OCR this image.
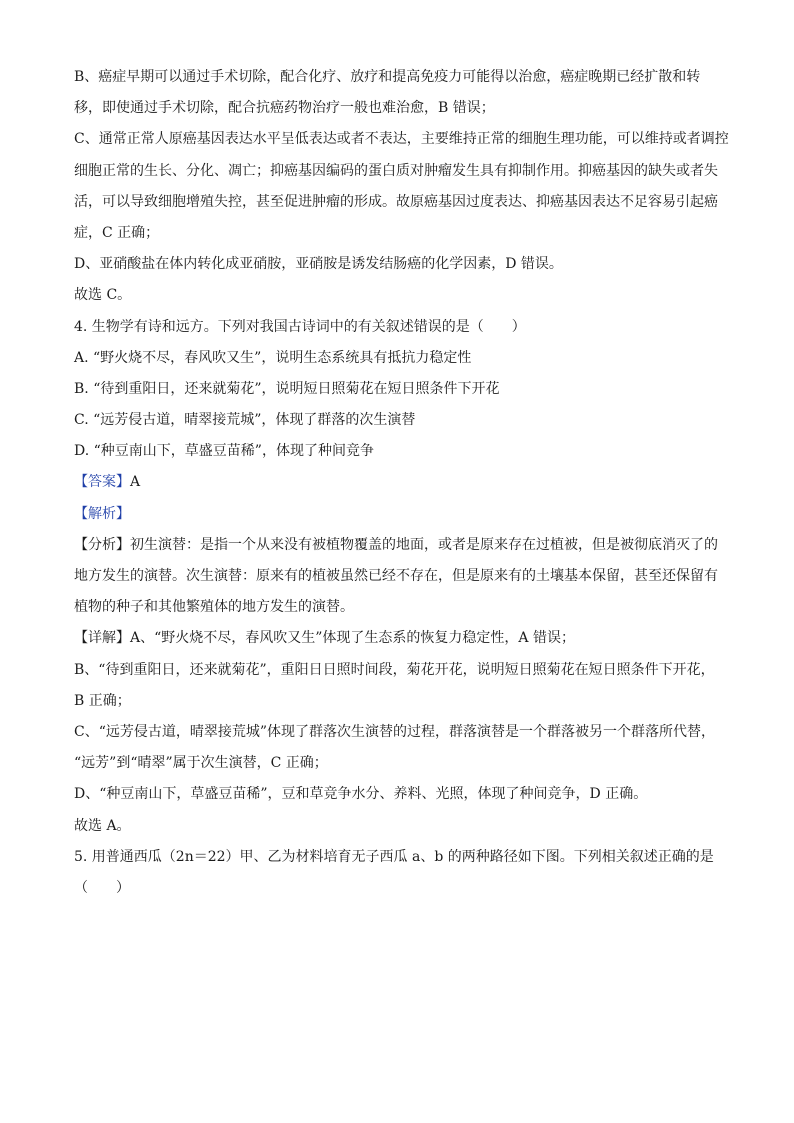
B、癌症早期可以通过手术切除，配合化疗、放疗和提高免疫力可能得以治愈，癌症晚期已经扩散和转
移，即使通过手术切除，配合抗癌药物治疗一般也难治愈，B 错误；
C、通常正常人原癌基因表达水平呈低表达或者不表达，主要维持正常的细胞生理功能，可以维持或者调控
细胞正常的生长、分化、凋亡；抑癌基因编码的蛋白质对肿瘤发生具有抑制作用。抑癌基因的缺失或者失
活，可以导致细胞增殖失控，甚至促进肿瘤的形成。故原癌基因过度表达、抑癌基因表达不足容易引起癌
症，C 正确；
D、亚硝酸盐在体内转化成亚硝胺，亚硝胺是诱发结肠癌的化学因素，D 错误。
故选 C。
4. 生物学有诗和远方。下列对我国古诗词中的有关叙述错误的是（　　）
A. “野火烧不尽，春风吹又生”，说明生态系统具有抵抗力稳定性
B. “待到重阳日，还来就菊花”，说明短日照菊花在短日照条件下开花
C. “远芳侵古道，晴翠接荒城”，体现了群落的次生演替
D. “种豆南山下，草盛豆苗稀”，体现了种间竞争
【答案】A
【解析】
【分析】初生演替：是指一个从来没有被植物覆盖的地面，或者是原来存在过植被，但是被彻底消灭了的
地方发生的演替。次生演替：原来有的植被虽然已经不存在，但是原来有的土壤基本保留，甚至还保留有
植物的种子和其他繁殖体的地方发生的演替。
【详解】A、“野火烧不尽，春风吹又生”体现了生态系的恢复力稳定性，A 错误；
B、“待到重阳日，还来就菊花”，重阳日日照时间段，菊花开花，说明短日照菊花在短日照条件下开花，
B 正确；
C、“远芳侵古道，晴翠接荒城”体现了群落次生演替的过程，群落演替是一个群落被另一个群落所代替，
“远芳”到“晴翠”属于次生演替，C 正确；
D、“种豆南山下，草盛豆苗稀”，豆和草竞争水分、养料、光照，体现了种间竞争，D 正确。
故选 A。
5. 用普通西瓜（2n＝22）甲、乙为材料培育无子西瓜 a、b 的两种路径如下图。下列相关叙述正确的是
（　　）
